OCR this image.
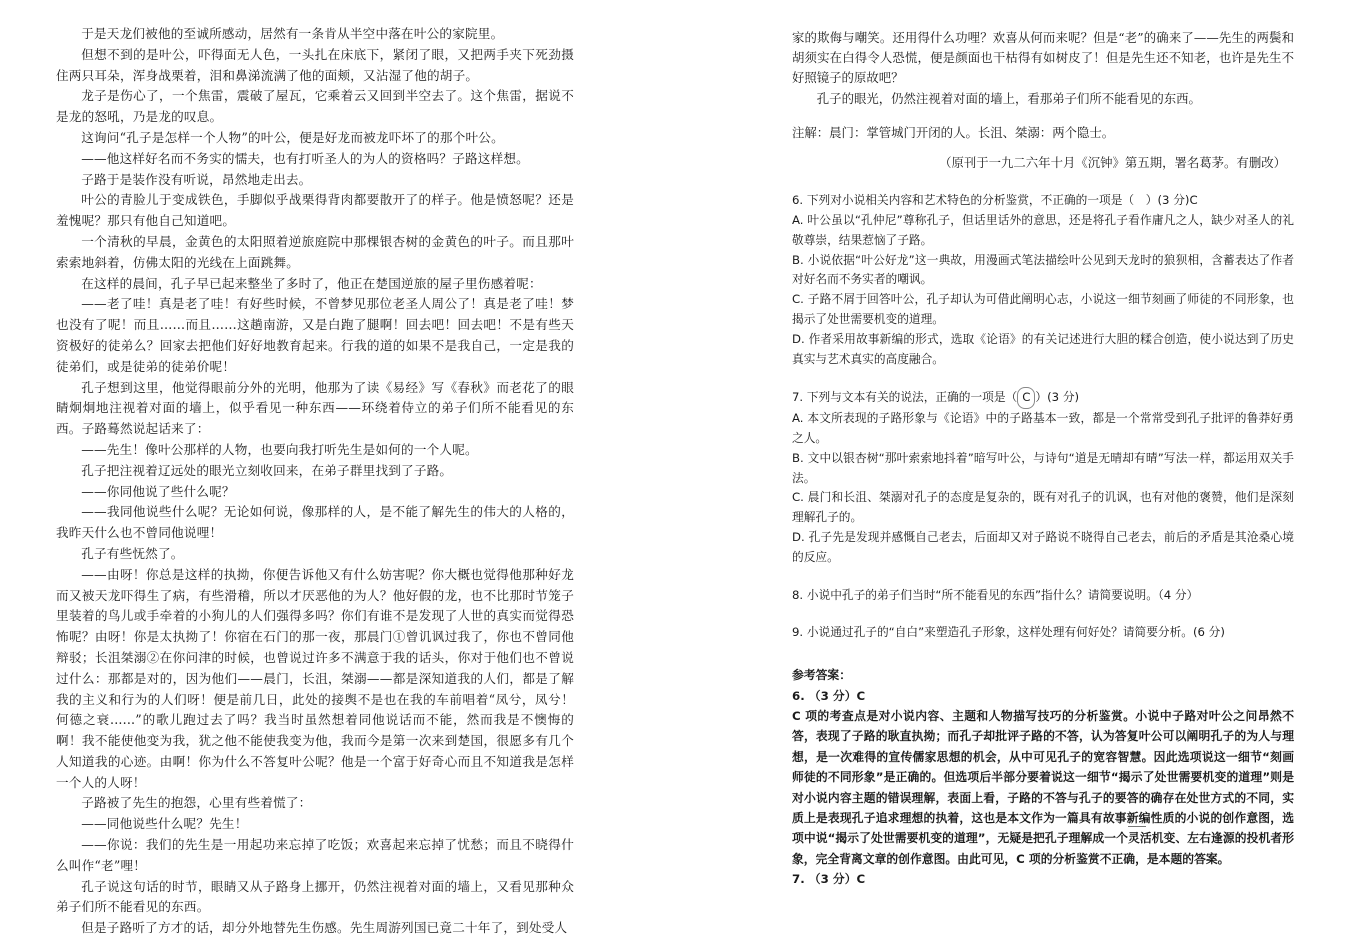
于是天龙们被他的至诚所感动，居然有一条肯从半空中落在叶公的家院里。

但想不到的是叶公，吓得面无人色，一头扎在床底下，紧闭了眼，又把两手夹下死劲摄住两只耳朵，浑身战栗着，泪和鼻涕流满了他的面颊，又沾湿了他的胡子。

龙子是伤心了，一个焦雷，震破了屋瓦，它乘着云又回到半空去了。这个焦雷，据说不是龙的怒吼，乃是龙的叹息。

这询问“孔子是怎样一个人物”的叶公，便是好龙而被龙吓坏了的那个叶公。

——他这样好名而不务实的懦夫，也有打听圣人的为人的资格吗？子路这样想。

子路于是装作没有听说，昂然地走出去。

叶公的青脸儿于变成铁色，手脚似乎战栗得背肉都要散开了的样子。他是愤怒呢？还是羞愧呢？那只有他自己知道吧。

一个清秋的早晨，金黄色的太阳照着逆旅庭院中那棵银杏树的金黄色的叶子。而且那叶索索地斜着，仿佛太阳的光线在上面跳舞。

在这样的晨间，孔子早已起来整坐了多时了，他正在楚国逆旅的屋子里伤感着呢：

——老了哇！真是老了哇！有好些时候，不曾梦见那位老圣人周公了！真是老了哇！梦也没有了呢！而且……而且……这趟南游，又是白跑了腿啊！回去吧！回去吧！不是有些天资极好的徒弟么？回家去把他们好好地教育起来。行我的道的如果不是我自己，一定是我的徒弟们，或是徒弟的徒弟价呢！

孔子想到这里，他觉得眼前分外的光明，他那为了读《易经》写《春秋》而老花了的眼睛炯炯地注视着对面的墙上，似乎看见一种东西——环绕着侍立的弟子们所不能看见的东西。子路蓦然说起话来了：

——先生！像叶公那样的人物，也要向我打听先生是如何的一个人呢。

孔子把注视着辽远处的眼光立刻收回来，在弟子群里找到了子路。

——你同他说了些什么呢？

——我同他说些什么呢？无论如何说，像那样的人，是不能了解先生的伟大的人格的，我昨天什么也不曾同他说哩！

孔子有些怃然了。

——由呀！你总是这样的执拗，你便告诉他又有什么妨害呢？你大概也觉得他那种好龙而又被天龙吓得生了病，有些滑稽，所以才厌恶他的为人？他好假的龙，也不比那时节笼子里装着的鸟儿或手牵着的小狗儿的人们强得多吗？你们有谁不是发现了人世的真实而觉得恐怖呢？由呀！你是太执拗了！你宿在石门的那一夜，那晨门①曾讥讽过我了，你也不曾同他辩驳；长沮桀溺②在你问津的时候，也曾说过许多不满意于我的话头，你对于他们也不曾说过什么：那都是对的，因为他们——晨门，长沮，桀溺——都是深知道我的人们，都是了解我的主义和行为的人们呀！便是前几日，此处的接舆不是也在我的车前唱着“凤兮，凤兮！何德之衰......”的歌儿跑过去了吗？我当时虽然想着同他说话而不能，然而我是不懊悔的啊！我不能使他变为我，犹之他不能使我变为他，我而今是第一次来到楚国，很愿多有几个人知道我的心迹。由啊！你为什么不答复叶公呢？他是一个富于好奇心而且不知道我是怎样一个人的人呀！

子路被了先生的抱怨，心里有些着慌了：

——同他说些什么呢？先生！

——你说：我们的先生是一用起功来忘掉了吃饭；欢喜起来忘掉了忧愁；而且不晓得什么叫作“老”哩！

孔子说这句话的时节，眼睛又从子路身上挪开，仍然注视着对面的墙上，又看见那种众弟子们所不能看见的东西。

但是子路听了方才的话，却分外地替先生伤感。先生周游列国已竟二十年了，到处受人

家的欺侮与嘲笑。还用得什么功哩？欢喜从何而来呢？但是“老”的确来了——先生的两鬓和胡须实在白得令人恐慌，便是颜面也干枯得有如树皮了！但是先生还不知老，也许是先生不好照镜子的原故吧？

孔子的眼光，仍然注视着对面的墙上，看那弟子们所不能看见的东西。

注解：晨门：掌管城门开闭的人。长沮、桀溺：两个隐士。

（原刊于一九二六年十月《沉钟》第五期，署名葛茅。有删改）

6. 下列对小说相关内容和艺术特色的分析鉴赏，不正确的一项是（　）(3 分)C

A. 叶公虽以“孔仲尼”尊称孔子，但话里话外的意思，还是将孔子看作庸凡之人，缺少对圣人的礼敬尊崇，结果惹恼了子路。

B. 小说依据“叶公好龙”这一典故，用漫画式笔法描绘叶公见到天龙时的狼狈相，含蓄表达了作者对好名而不务实者的嘲讽。

C. 子路不屑于回答叶公，孔子却认为可借此阐明心志，小说这一细节刻画了师徒的不同形象，也揭示了处世需要机变的道理。

D. 作者采用故事新编的形式，选取《论语》的有关记述进行大胆的糅合创造，使小说达到了历史真实与艺术真实的高度融合。

7. 下列与文本有关的说法，正确的一项是（ C ）(3 分)

A. 本文所表现的子路形象与《论语》中的子路基本一致，都是一个常常受到孔子批评的鲁莽好勇之人。

B. 文中以银杏树“那叶索索地抖着”暗写叶公，与诗句“道是无晴却有晴”写法一样，都运用双关手法。

C. 晨门和长沮、桀溺对孔子的态度是复杂的，既有对孔子的讥讽，也有对他的褒赞，他们是深刻理解孔子的。

D. 孔子先是发现并感慨自己老去，后面却又对子路说不晓得自己老去，前后的矛盾是其沧桑心境的反应。

8. 小说中孔子的弟子们当时“所不能看见的东西”指什么？请简要说明。（4 分）

9. 小说通过孔子的“自白”来塑造孔子形象，这样处理有何好处？请简要分析。(6 分)

参考答案：

6. （3 分）C

C 项的考查点是对小说内容、主题和人物描写技巧的分析鉴赏。小说中子路对叶公之问昂然不答，表现了子路的耿直执拗；而孔子却批评子路的不答，认为答复叶公可以阐明孔子的为人与理想，是一次难得的宣传儒家思想的机会，从中可见孔子的宽容智慧。因此选项说这一细节“刻画师徒的不同形象”是正确的。但选项后半部分要着说这一细节“揭示了处世需要机变的道理”则是对小说内容主题的错误理解，表面上看，子路的不答与孔子的要答的确存在处世方式的不同，实质上是表现孔子追求理想的执着，这也是本文作为一篇具有故事新编性质的小说的创作意图，选项中说“揭示了处世需要机变的道理”，无疑是把孔子理解成一个灵活机变、左右逢源的投机者形象，完全背离文章的创作意图。由此可见，C 项的分析鉴赏不正确，是本题的答案。

7. （3 分）C
